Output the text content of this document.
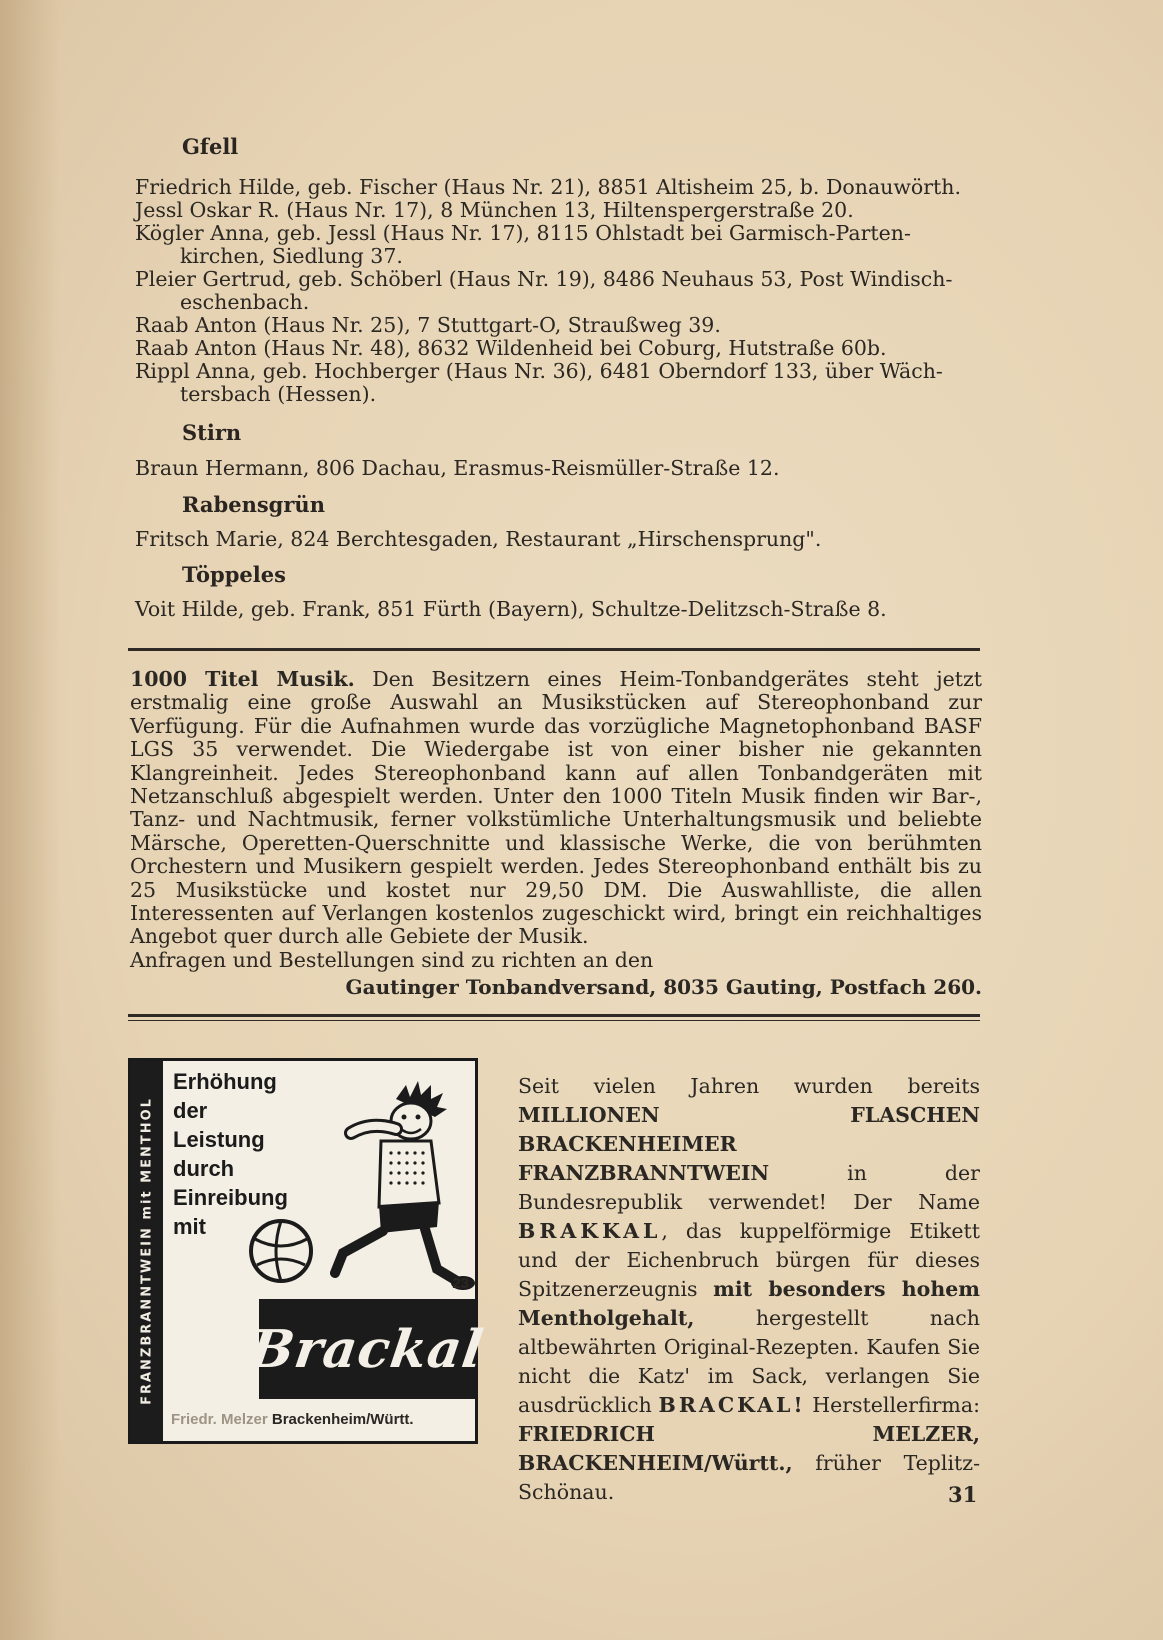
Gfell
Friedrich Hilde, geb. Fischer (Haus Nr. 21), 8851 Altisheim 25, b. Donauwörth.
Jessl Oskar R. (Haus Nr. 17), 8 München 13, Hiltenspergerstraße 20.
Kögler Anna, geb. Jessl (Haus Nr. 17), 8115 Ohlstadt bei Garmisch-Parten-
kirchen, Siedlung 37.
Pleier Gertrud, geb. Schöberl (Haus Nr. 19), 8486 Neuhaus 53, Post Windisch-
eschenbach.
Raab Anton (Haus Nr. 25), 7 Stuttgart-O, Straußweg 39.
Raab Anton (Haus Nr. 48), 8632 Wildenheid bei Coburg, Hutstraße 60b.
Rippl Anna, geb. Hochberger (Haus Nr. 36), 6481 Oberndorf 133, über Wäch-
tersbach (Hessen).
Stirn
Braun Hermann, 806 Dachau, Erasmus-Reismüller-Straße 12.
Rabensgrün
Fritsch Marie, 824 Berchtesgaden, Restaurant „Hirschensprung".
Töppeles
Voit Hilde, geb. Frank, 851 Fürth (Bayern), Schultze-Delitzsch-Straße 8.
1000 Titel Musik. Den Besitzern eines Heim-Tonbandgerätes steht jetzt erstmalig eine große Auswahl an Musikstücken auf Stereophonband zur Verfügung. Für die Aufnahmen wurde das vorzügliche Magnetophonband BASF LGS 35 verwendet. Die Wiedergabe ist von einer bisher nie gekannten Klangreinheit. Jedes Stereophonband kann auf allen Tonbandgeräten mit Netzanschluß abgespielt werden. Unter den 1000 Titeln Musik finden wir Bar-, Tanz- und Nachtmusik, ferner volkstümliche Unterhaltungsmusik und beliebte Märsche, Operetten-Querschnitte und klassische Werke, die von berühmten Orchestern und Musikern gespielt werden. Jedes Stereophonband enthält bis zu 25 Musikstücke und kostet nur 29,50 DM. Die Auswahlliste, die allen Interessenten auf Verlangen kostenlos zugeschickt wird, bringt ein reichhaltiges Angebot quer durch alle Gebiete der Musik.
Anfragen und Bestellungen sind zu richten an den
Gautinger Tonbandversand, 8035 Gauting, Postfach 260.
FRANZBRANNTWEIN mit MENTHOL
Erhöhung
der
Leistung
durch
Einreibung
mit
23
Brackal
Friedr. Melzer Brackenheim/Württ.
Seit vielen Jahren wurden bereits MILLIONEN FLASCHEN BRACKENHEIMER FRANZBRANNTWEIN in der Bundesrepublik verwendet! Der Name BRAKKAL, das kuppelförmige Etikett und der Eichenbruch bürgen für dieses Spitzenerzeugnis mit besonders hohem Mentholgehalt, hergestellt nach altbewährten Original-Rezepten. Kaufen Sie nicht die Katz' im Sack, verlangen Sie ausdrücklich BRACKAL! Herstellerfirma: FRIEDRICH MELZER, BRACKENHEIM/Württ., früher Teplitz-Schönau.	31
